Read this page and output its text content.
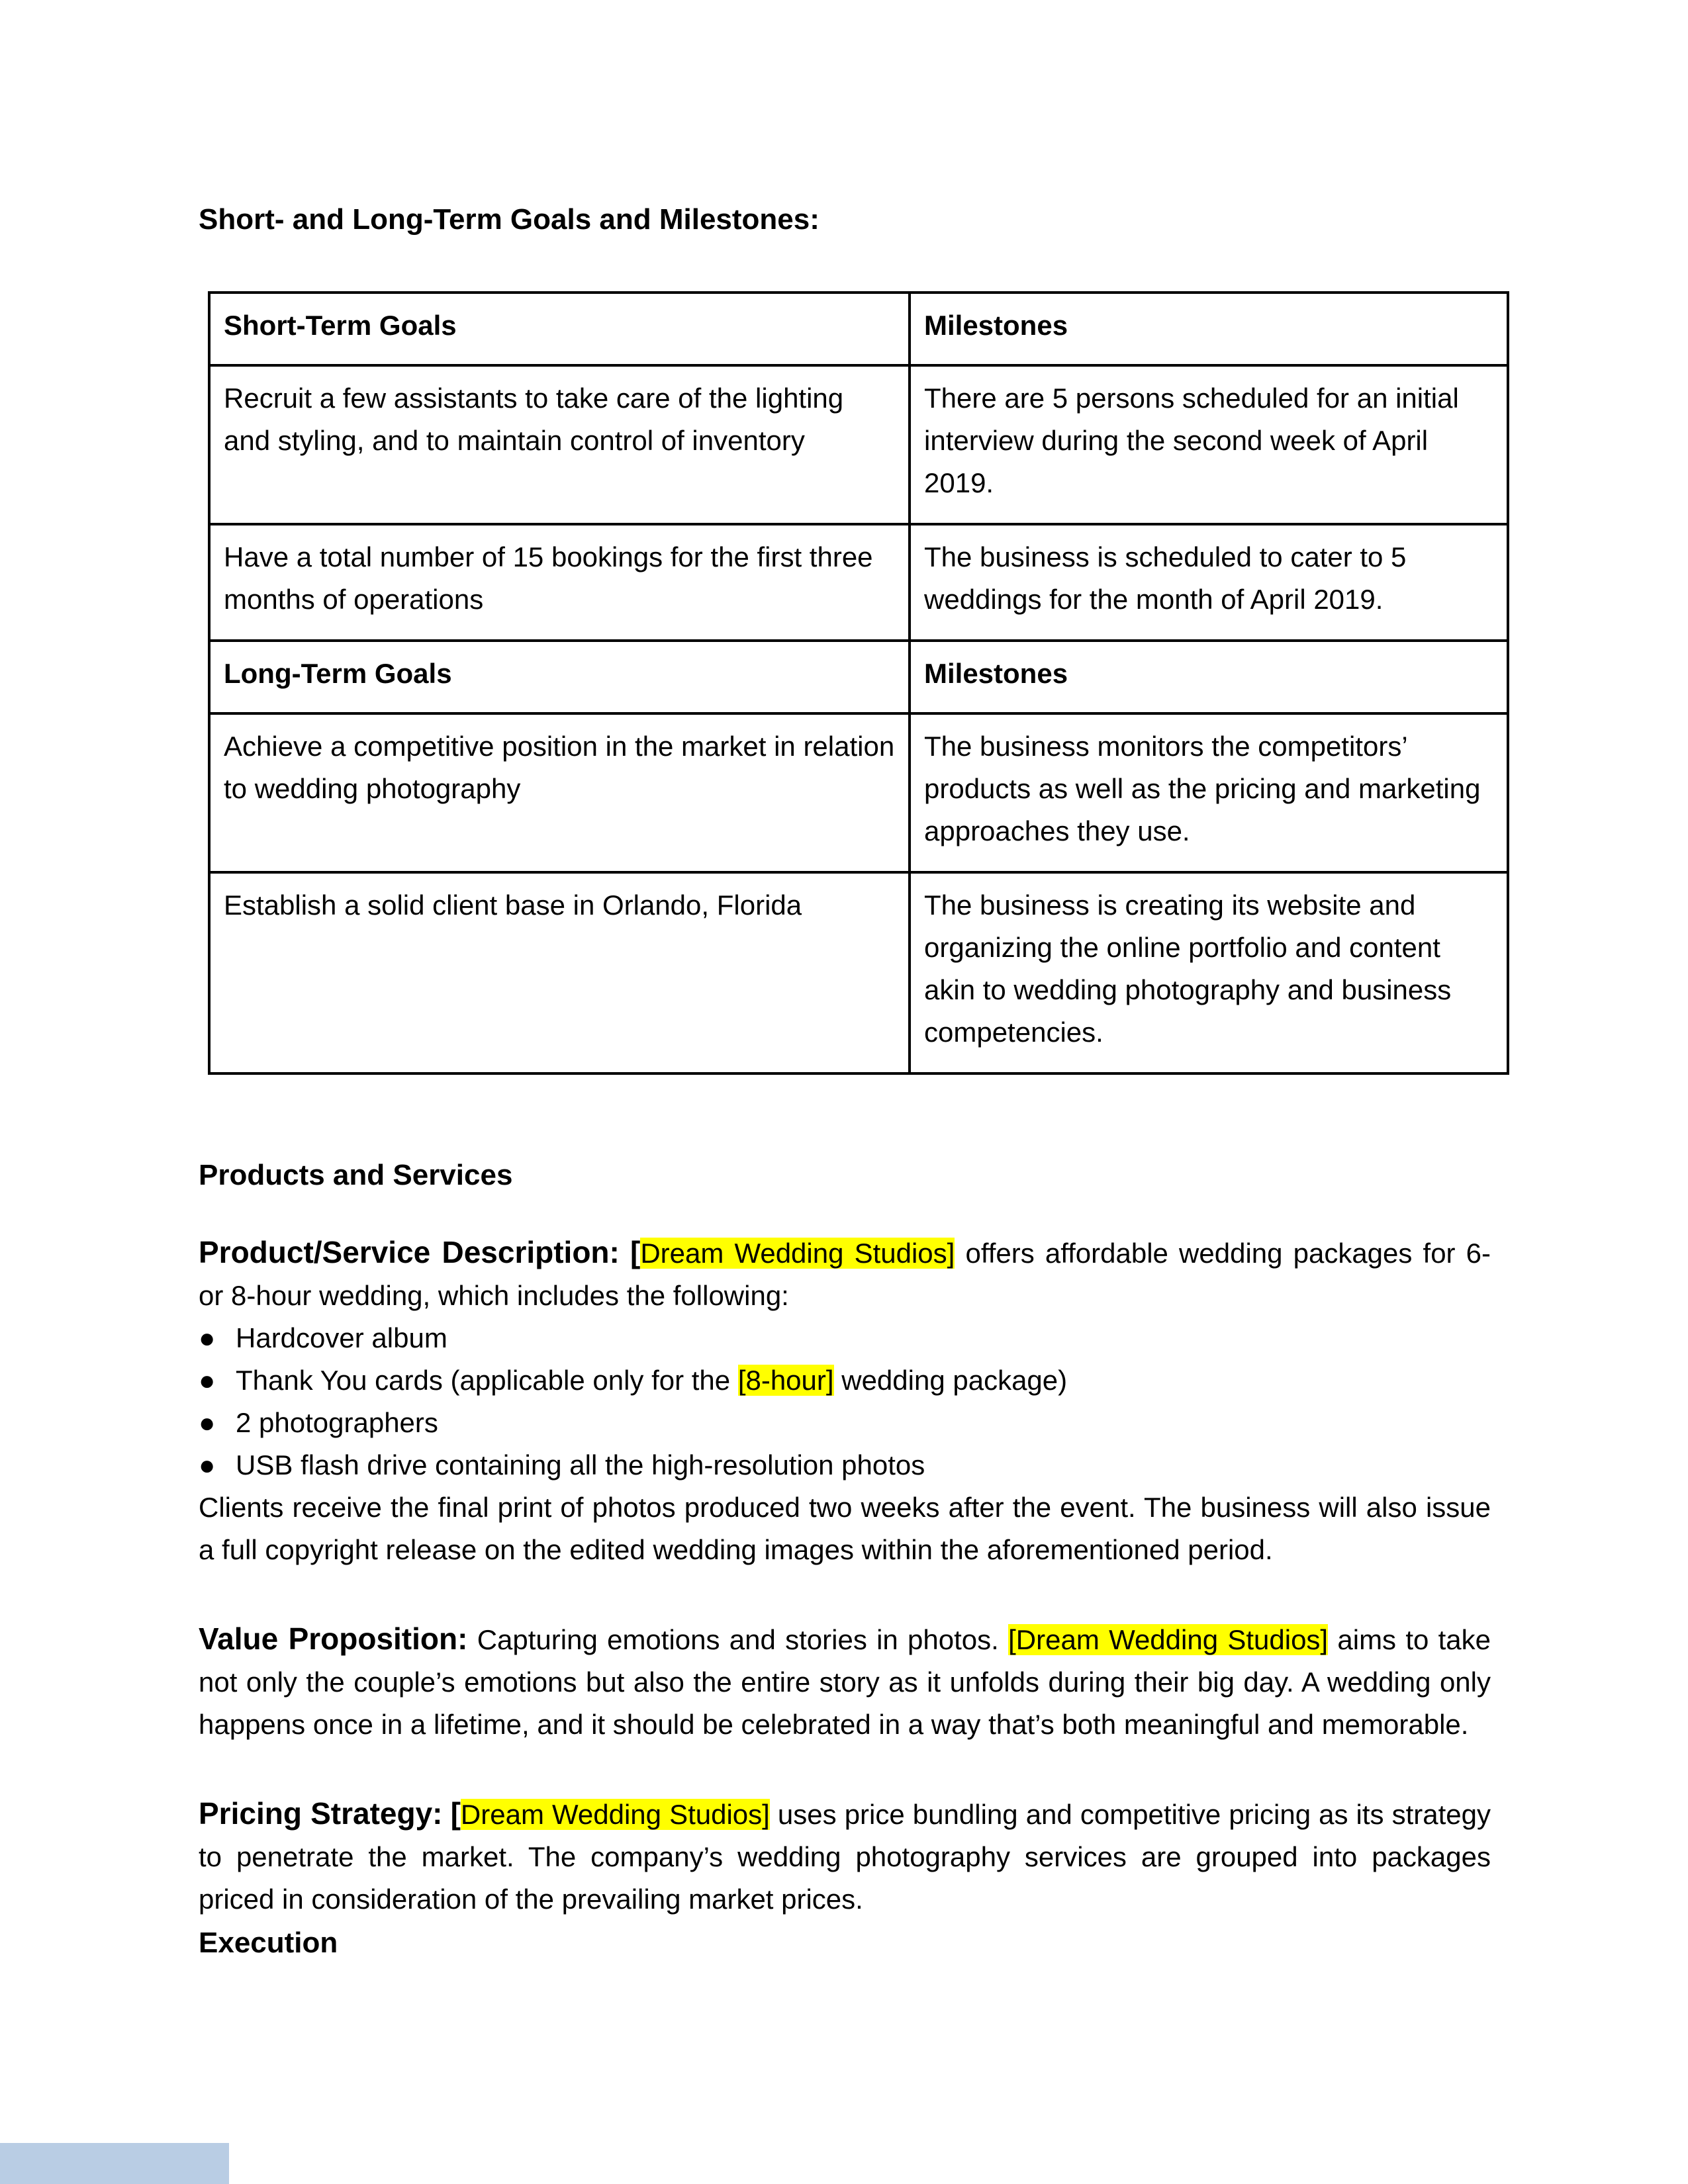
Short- and Long-Term Goals and Milestones:
Short-Term Goals	Milestones
Recruit a few assistants to take care of the lighting and styling, and to maintain control of inventory	There are 5 persons scheduled for an initial interview during the second week of April 2019.
Have a total number of 15 bookings for the first three months of operations	The business is scheduled to cater to 5 weddings for the month of April 2019.
Long-Term Goals	Milestones
Achieve a competitive position in the market in relation to wedding photography	The business monitors the competitors’ products as well as the pricing and marketing approaches they use.
Establish a solid client base in Orlando, Florida	The business is creating its website and organizing the online portfolio and content akin to wedding photography and business competencies.
Products and Services
Product/Service Description: [Dream Wedding Studios] offers affordable wedding packages for 6- or 8-hour wedding, which includes the following:
● Hardcover album
● Thank You cards (applicable only for the [8-hour] wedding package)
● 2 photographers
● USB flash drive containing all the high-resolution photos
Clients receive the final print of photos produced two weeks after the event. The business will also issue a full copyright release on the edited wedding images within the aforementioned period.
Value Proposition: Capturing emotions and stories in photos. [Dream Wedding Studios] aims to take not only the couple’s emotions but also the entire story as it unfolds during their big day. A wedding only happens once in a lifetime, and it should be celebrated in a way that’s both meaningful and memorable.
Pricing Strategy: [Dream Wedding Studios] uses price bundling and competitive pricing as its strategy to penetrate the market. The company’s wedding photography services are grouped into packages priced in consideration of the prevailing market prices.
Execution
